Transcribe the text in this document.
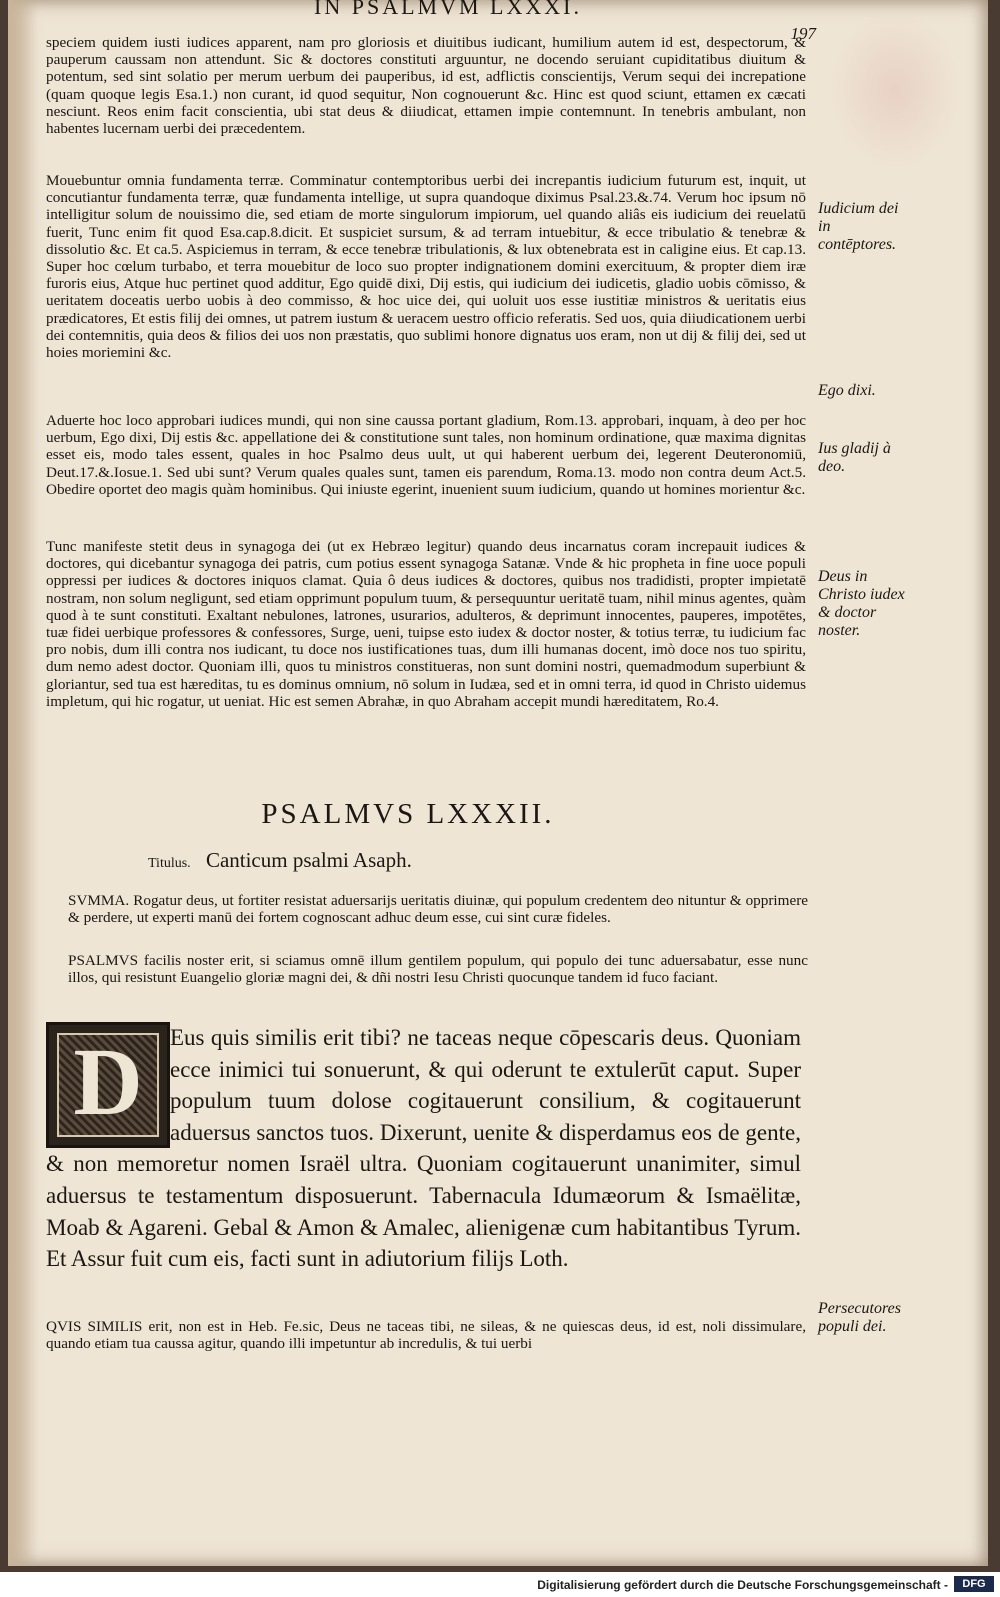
IN PSALMVM LXXXI.
197

speciem quidem iusti iudices apparent, nam pro gloriosis et diuitibus iudicant, humilium autem id est, despectorum, & pauperum caussam non attendunt. Sic & doctores constituti arguuntur, ne docendo seruiant cupiditatibus diuitum & potentum, sed sint solatio per merum uerbum dei pauperibus, id est, adflictis conscientijs, Verum sequi dei increpatione (quam quoque legis Esa.1.) non curant, id quod sequitur, Non cognouerunt &c. Hinc est quod sciunt, ettamen ex cæcati nesciunt. Reos enim facit conscientia, ubi stat deus & diiudicat, ettamen impie contemnunt. In tenebris ambulant, non habentes lucernam uerbi dei præcedentem.

Mouebuntur omnia fundamenta terræ. Comminatur contemptoribus uerbi dei increpantis iudicium futurum est, inquit, ut concutiantur fundamenta terræ, quæ fundamenta intellige, ut supra quandoque diximus Psal.23.&.74. Verum hoc ipsum nō intelligitur solum de nouissimo die, sed etiam de morte singulorum impiorum, uel quando aliâs eis iudicium dei reuelatū fuerit, Tunc enim fit quod Esa.cap.8.dicit. Et suspiciet sursum, & ad terram intuebitur, & ecce tribulatio & tenebræ & dissolutio &c. Et ca.5. Aspiciemus in terram, & ecce tenebræ tribulationis, & lux obtenebrata est in caligine eius. Et cap.13. Super hoc cœlum turbabo, et terra mouebitur de loco suo propter indignationem domini exercituum, & propter diem iræ furoris eius, Atque huc pertinet quod additur, Ego quidē dixi, Dij estis, qui iudicium dei iudicetis, gladio uobis cōmisso, & ueritatem doceatis uerbo uobis à deo commisso, & hoc uice dei, qui uoluit uos esse iustitiæ ministros & ueritatis eius prædicatores, Et estis filij dei omnes, ut patrem iustum & ueracem uestro officio referatis. Sed uos, quia diiudicationem uerbi dei contemnitis, quia deos & filios dei uos non præstatis, quo sublimi honore dignatus uos eram, non ut dij & filij dei, sed ut hoies moriemini &c.

Aduerte hoc loco approbari iudices mundi, qui non sine caussa portant gladium, Rom.13. approbari, inquam, à deo per hoc uerbum, Ego dixi, Dij estis &c. appellatione dei & constitutione sunt tales, non hominum ordinatione, quæ maxima dignitas esset eis, modo tales essent, quales in hoc Psalmo deus uult, ut qui haberent uerbum dei, legerent Deuteronomiū, Deut.17.&.Iosue.1. Sed ubi sunt? Verum quales quales sunt, tamen eis parendum, Roma.13. modo non contra deum Act.5. Obedire oportet deo magis quàm hominibus. Qui iniuste egerint, inuenient suum iudicium, quando ut homines morientur &c.

Tunc manifeste stetit deus in synagoga dei (ut ex Hebræo legitur) quando deus incarnatus coram increpauit iudices & doctores, qui dicebantur synagoga dei patris, cum potius essent synagoga Satanæ. Vnde & hic propheta in fine uoce populi oppressi per iudices & doctores iniquos clamat. Quia ô deus iudices & doctores, quibus nos tradidisti, propter impietatē nostram, non solum negligunt, sed etiam opprimunt populum tuum, & persequuntur ueritatē tuam, nihil minus agentes, quàm quod à te sunt constituti. Exaltant nebulones, latrones, usurarios, adulteros, & deprimunt innocentes, pauperes, impotētes, tuæ fidei uerbique professores & confessores, Surge, ueni, tuipse esto iudex & doctor noster, & totius terræ, tu iudicium fac pro nobis, dum illi contra nos iudicant, tu doce nos iustificationes tuas, dum illi humanas docent, imò doce nos tuo spiritu, dum nemo adest doctor. Quoniam illi, quos tu ministros constitueras, non sunt domini nostri, quemadmodum superbiunt & gloriantur, sed tua est hæreditas, tu es dominus omnium, nō solum in Iudæa, sed et in omni terra, id quod in Christo uidemus impletum, qui hic rogatur, ut ueniat. Hic est semen Abrahæ, in quo Abraham accepit mundi hæreditatem, Ro.4.

Iudicium dei in contēptores.
Ego dixi.
Ius gladij à deo.
Deus in Christo iudex & doctor noster.
Persecutores populi dei.
PSALMVS LXXXII.
Titulus. Canticum psalmi Asaph.

SVMMA. Rogatur deus, ut fortiter resistat aduersarijs ueritatis diuinæ, qui populum credentem deo nituntur & opprimere & perdere, ut experti manū dei fortem cognoscant adhuc deum esse, cui sint curæ fideles.

PSALMVS facilis noster erit, si sciamus omnē illum gentilem populum, qui populo dei tunc aduersabatur, esse nunc illos, qui resistunt Euangelio gloriæ magni dei, & dñi nostri Iesu Christi quocunque tandem id fuco faciant.

Eus quis similis erit tibi? ne taceas neque cōpescaris deus. Quoniam ecce inimici tui sonuerunt, & qui oderunt te extulerūt caput. Super populum tuum dolose cogitauerunt consilium, & cogitauerunt aduersus sanctos tuos. Dixerunt, uenite & disperdamus eos de gente, & non memoretur nomen Israël ultra. Quoniam cogitauerunt unanimiter, simul aduersus te testamentum disposuerunt. Tabernacula Idumæorum & Ismaëlitæ, Moab & Agareni. Gebal & Amon & Amalec, alienigenæ cum habitantibus Tyrum. Et Assur fuit cum eis, facti sunt in adiutorium filijs Loth.

D

QVIS SIMILIS erit, non est in Heb. Fe.sic, Deus ne taceas tibi, ne sileas, & ne quiescas deus, id est, noli dissimulare, quando etiam tua caussa agitur, quando illi impetuntur ab incredulis, & tui uerbi

Digitalisierung gefördert durch die Deutsche Forschungsgemeinschaft -	DFG
